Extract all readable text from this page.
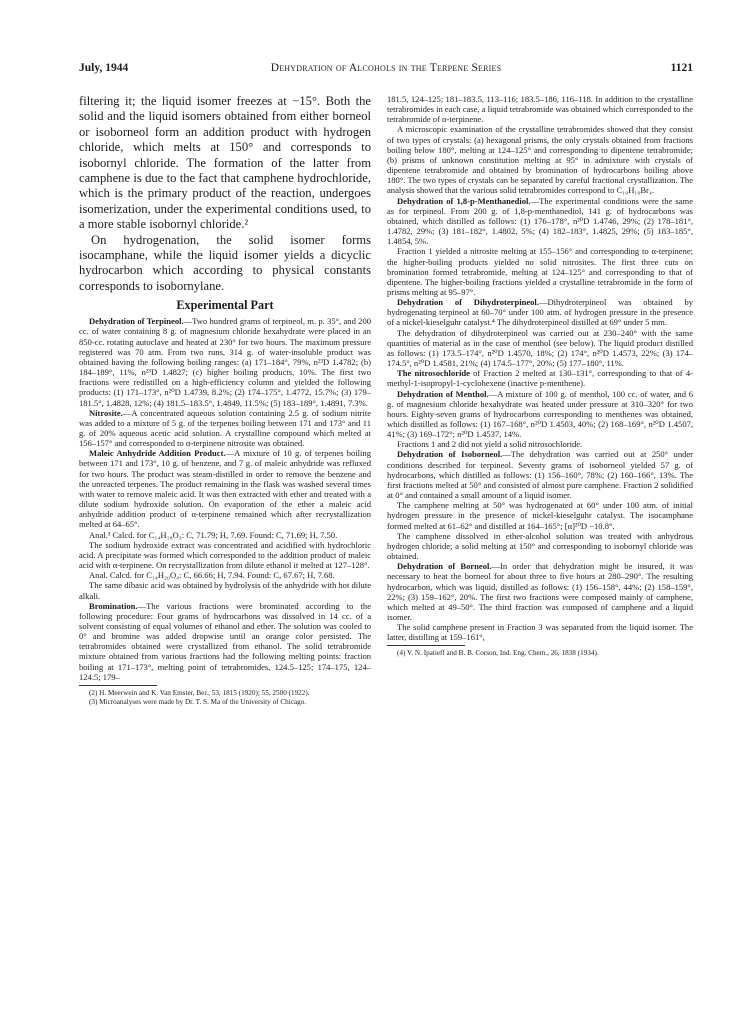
July, 1944	Dehydration of Alcohols in the Terpene Series	1121

filtering it; the liquid isomer freezes at −15°. Both the solid and the liquid isomers obtained from either borneol or isoborneol form an addition product with hydrogen chloride, which melts at 150° and corresponds to isobornyl chloride. The formation of the latter from camphene is due to the fact that camphene hydrochloride, which is the primary product of the reaction, undergoes isomerization, under the experimental conditions used, to a more stable isobornyl chloride.²

On hydrogenation, the solid isomer forms isocamphane, while the liquid isomer yields a dicyclic hydrocarbon which according to physical constants corresponds to isobornylane.

Experimental Part

Dehydration of Terpineol.—Two hundred grams of terpineol, m. p. 35°, and 200 cc. of water containing 8 g. of magnesium chloride hexahydrate were placed in an 850-cc. rotating autoclave and heated at 230° for two hours. The maximum pressure registered was 70 atm. From two runs, 314 g. of water-insoluble product was obtained having the following boiling ranges: (a) 171–184°, 79%, n²³D 1.4782; (b) 184–189°, 11%, n²³D 1.4827; (c) higher boiling products, 10%. The first two fractions were redistilled on a high-efficiency column and yielded the following products: (1) 171–173°, n²⁰D 1.4739, 8.2%; (2) 174–175°, 1.4772, 15.7%; (3) 179–181.5°, 1.4828, 12%; (4) 181.5–183.5°, 1.4849, 11.5%; (5) 183–189°, 1.4891, 7.3%.

Nitrosite.—A concentrated aqueous solution containing 2.5 g. of sodium nitrite was added to a mixture of 5 g. of the terpenes boiling between 171 and 173° and 11 g. of 20% aqueous acetic acid solution. A crystalline compound which melted at 156–157° and corresponded to α-terpinene nitrosite was obtained.

Maleic Anhydride Addition Product.—A mixture of 10 g. of terpenes boiling between 171 and 173°, 10 g. of benzene, and 7 g. of maleic anhydride was refluxed for two hours. The product was steam-distilled in order to remove the benzene and the unreacted terpenes. The product remaining in the flask was washed several times with water to remove maleic acid. It was then extracted with ether and treated with a dilute sodium hydroxide solution. On evaporation of the ether a maleic acid anhydride addition product of α-terpinene remained which after recrystallization melted at 64–65°.

Anal.³ Calcd. for C₁₄H₁₈O₃: C, 71.79; H, 7.69. Found: C, 71.69; H, 7.50.

The sodium hydroxide extract was concentrated and acidified with hydrochloric acid. A precipitate was formed which corresponded to the addition product of maleic acid with α-terpinene. On recrystallization from dilute ethanol it melted at 127–128°.

Anal. Calcd. for C₁₄H₂₀O₄: C, 66.66; H, 7.94. Found: C, 67.67; H, 7.68.

The same dibasic acid was obtained by hydrolysis of the anhydride with hot dilute alkali.

Bromination.—The various fractions were brominated according to the following procedure: Four grams of hydrocarbons was dissolved in 14 cc. of a solvent consisting of equal volumes of ethanol and ether. The solution was cooled to 0° and bromine was added dropwise until an orange color persisted. The tetrabromides obtained were crystallized from ethanol. The solid tetrabromide mixture obtained from various fractions had the following melting points: fraction boiling at 171–173°, melting point of tetrabromides, 124.5–125; 174–175, 124–124.5; 179–

(2) H. Meerwein and K. Van Emster, Ber., 53, 1815 (1920); 55, 2500 (1922).

(3) Microanalyses were made by Dr. T. S. Ma of the University of Chicago.

181.5, 124–125; 181–183.5, 113–116; 183.5–186, 116–118. In addition to the crystalline tetrabromides in each case, a liquid tetrabromide was obtained which corresponded to the tetrabromide of α-terpinene.

A microscopic examination of the crystalline tetrabromides showed that they consist of two types of crystals: (a) hexagonal prisms, the only crystals obtained from fractions boiling below 180°, melting at 124–125° and corresponding to dipentene tetrabromide; (b) prisms of unknown constitution melting at 95° in admixture with crystals of dipentene tetrabromide and obtained by bromination of hydrocarbons boiling above 180°. The two types of crystals can be separated by careful fractional crystallization. The analysis showed that the various solid tetrabromides correspond to C₁₀H₁₆Br₄.

Dehydration of 1,8-p-Menthanediol.—The experimental conditions were the same as for terpineol. From 200 g. of 1,8-p-menthanediol, 141 g. of hydrocarbons was obtained, which distilled as follows: (1) 176–178°, n²⁰D 1.4746, 29%; (2) 178–181°, 1.4782, 29%; (3) 181–182°, 1.4802, 5%; (4) 182–183°, 1.4825, 29%; (5) 183–185°, 1.4854, 5%.

Fraction 1 yielded a nitrosite melting at 155–156° and corresponding to α-terpinene; the higher-boiling products yielded no solid nitrosites. The first three cuts on bromination formed tetrabromide, melting at 124–125° and corresponding to that of dipentene. The higher-boiling fractions yielded a crystalline tetrabromide in the form of prisms melting at 95–97°.

Dehydration of Dihydroterpineol.—Dihydroterpineol was obtained by hydrogenating terpineol at 60–70° under 100 atm. of hydrogen pressure in the presence of a nickel-kieselguhr catalyst.⁴ The dihydroterpineol distilled at 69° under 5 mm.

The dehydration of dihydroterpineol was carried out at 230–240° with the same quantities of material as in the case of menthol (see below). The liquid product distilled as follows: (1) 173.5–174°, n²⁰D 1.4570, 18%; (2) 174°, n²⁰D 1.4573, 22%; (3) 174–174.5°, n²⁰D 1.4581, 21%; (4) 174.5–177°, 20%; (5) 177–180°, 11%.

The nitrosochloride of Fraction 2 melted at 130–131°, corresponding to that of 4-methyl-1-isopropyl-1-cyclohexene (inactive p-menthene).

Dehydration of Menthol.—A mixture of 100 g. of menthol, 100 cc. of water, and 6 g. of magnesium chloride hexahydrate was heated under pressure at 310–320° for two hours. Eighty-seven grams of hydrocarbons corresponding to menthenes was obtained, which distilled as follows: (1) 167–168°, n²⁰D 1.4503, 40%; (2) 168–169°, n²⁰D 1.4507, 41%; (3) 169–172°; n²⁰D 1.4537, 14%.

Fractions 1 and 2 did not yield a solid nitrosochloride.

Dehydration of Isoborneol.—The dehydration was carried out at 250° under conditions described for terpineol. Seventy grams of isoborneol yielded 57 g. of hydrocarbons, which distilled as follows: (1) 156–160°, 78%; (2) 160–166°, 13%. The first fractions melted at 50° and consisted of almost pure camphene. Fraction 2 solidified at 0° and contained a small amount of a liquid isomer.

The camphene melting at 50° was hydrogenated at 60° under 100 atm. of initial hydrogen pressure in the presence of nickel-kieselguhr catalyst. The isocamphane formed melted at 61–62° and distilled at 164–165°; [α]²⁰D −10.8°.

The camphene dissolved in ether-alcohol solution was treated with anhydrous hydrogen chloride; a solid melting at 150° and corresponding to isobornyl chloride was obtained.

Dehydration of Borneol.—In order that dehydration might be insured, it was necessary to heat the borneol for about three to five hours at 280–290°. The resulting hydrocarbon, which was liquid, distilled as follows: (1) 156–158°, 44%; (2) 158–159°, 22%; (3) 159–162°, 20%. The first two fractions were composed mainly of camphene, which melted at 49–50°. The third fraction was composed of camphene and a liquid isomer.

The solid camphene present in Fraction 3 was separated from the liquid isomer. The latter, distilling at 159–161°,

(4) V. N. Ipatieff and B. B. Corson, Ind. Eng. Chem., 26, 1838 (1934).
